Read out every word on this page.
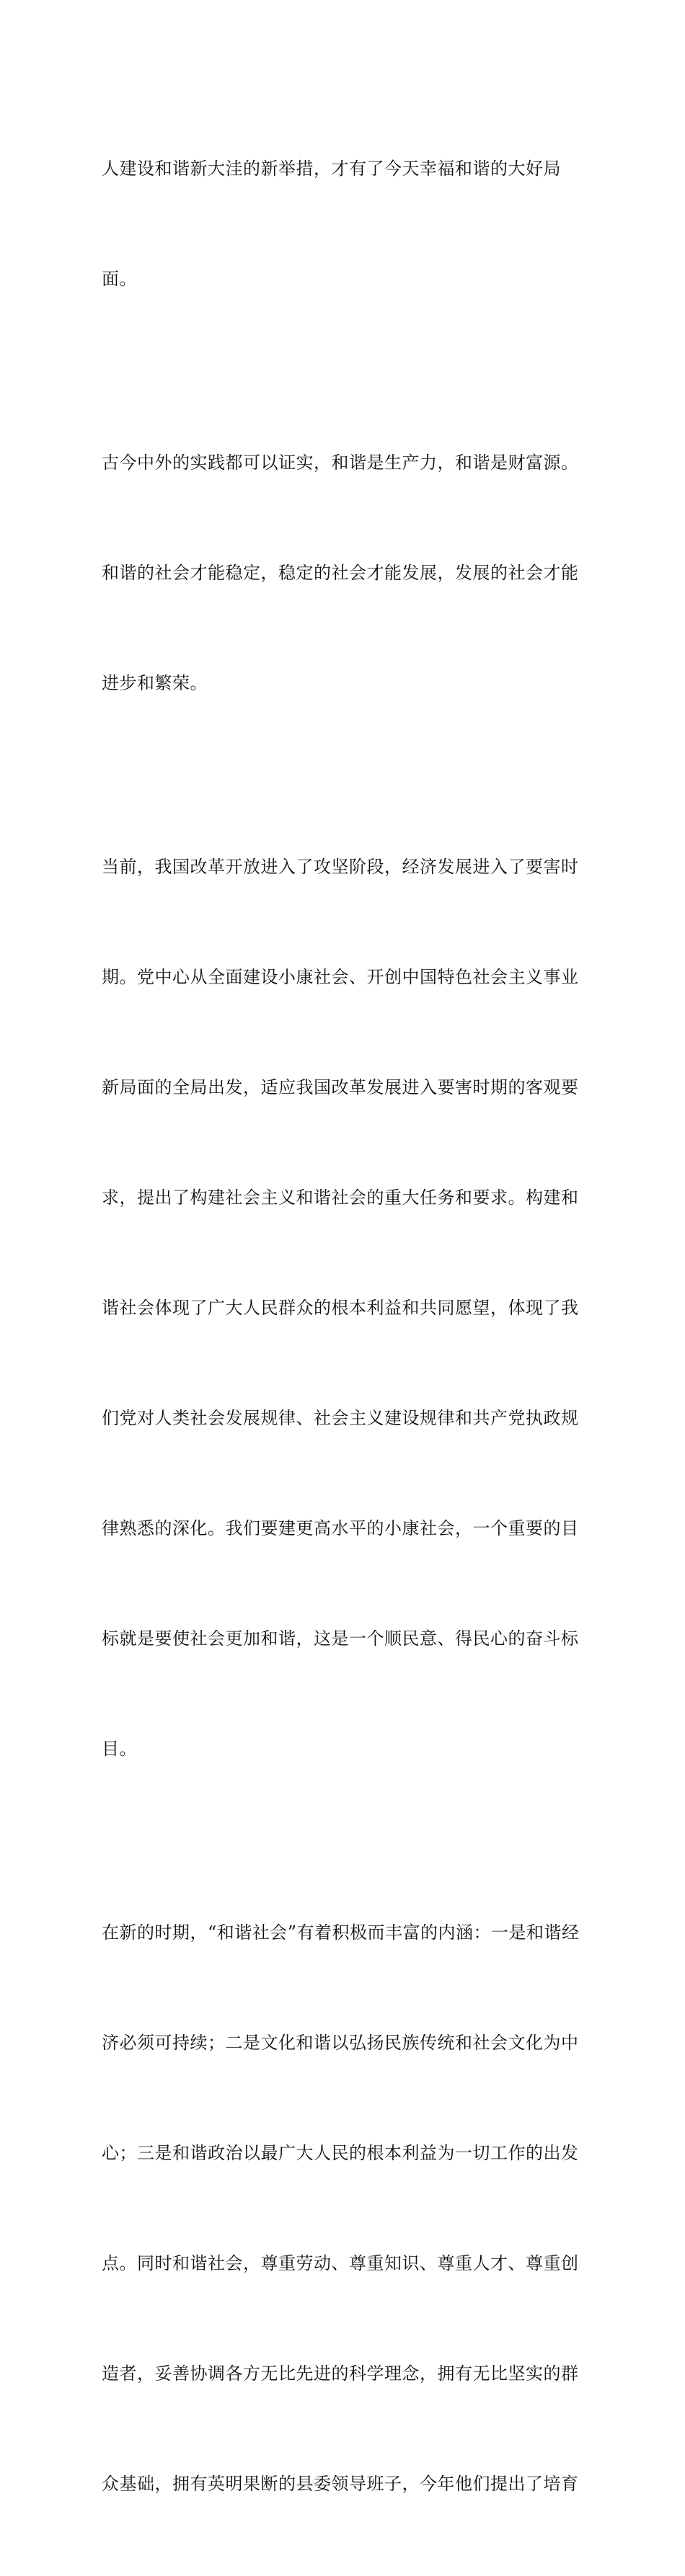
人建设和谐新大洼的新举措，才有了今天幸福和谐的大好局

面。

古今中外的实践都可以证实，和谐是生产力，和谐是财富源。

和谐的社会才能稳定，稳定的社会才能发展，发展的社会才能

进步和繁荣。

当前，我国改革开放进入了攻坚阶段，经济发展进入了要害时

期。党中心从全面建设小康社会、开创中国特色社会主义事业

新局面的全局出发，适应我国改革发展进入要害时期的客观要

求，提出了构建社会主义和谐社会的重大任务和要求。构建和

谐社会体现了广大人民群众的根本利益和共同愿望，体现了我

们党对人类社会发展规律、社会主义建设规律和共产党执政规

律熟悉的深化。我们要建更高水平的小康社会，一个重要的目

标就是要使社会更加和谐，这是一个顺民意、得民心的奋斗标

目。

在新的时期，“和谐社会”有着积极而丰富的内涵：一是和谐经

济必须可持续；二是文化和谐以弘扬民族传统和社会文化为中

心；三是和谐政治以最广大人民的根本利益为一切工作的出发

点。同时和谐社会，尊重劳动、尊重知识、尊重人才、尊重创

造者，妥善协调各方无比先进的科学理念，拥有无比坚实的群

众基础，拥有英明果断的县委领导班子，今年他们提出了培育
